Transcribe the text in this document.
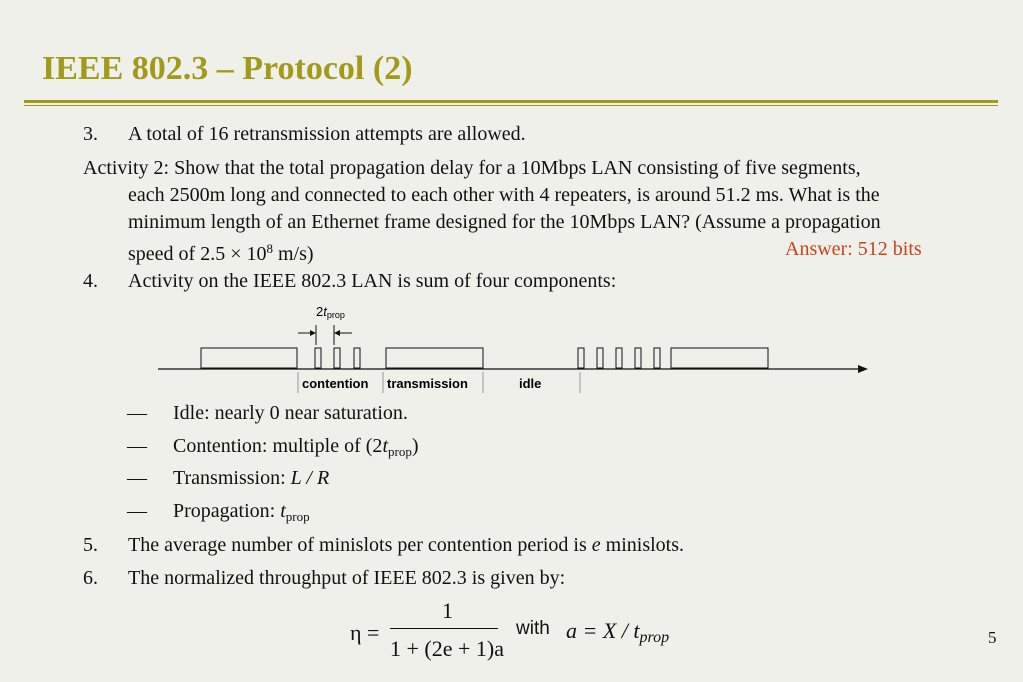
IEEE 802.3 – Protocol (2)
3. A total of 16 retransmission attempts are allowed.
Activity 2: Show that the total propagation delay for a 10Mbps LAN consisting of five segments,
each 2500m long and connected to each other with 4 repeaters, is around 51.2 ms. What is the
minimum length of an Ethernet frame designed for the 10Mbps LAN? (Assume a propagation
speed of $2.5 \times 10^8$ m/s)	Answer: 512 bits
4. Activity on the IEEE 802.3 LAN is sum of four components:
2tprop
contention transmission	idle
— Idle: nearly 0 near saturation.
— Contention: multiple of $(2t_{prop})$
— Transmission: L / R
— Propagation: $t_{prop}$
5. The average number of minislots per contention period is e minislots.
6. The normalized throughput of IEEE 802.3 is given by:
η =
1
1 + (2e + 1)a
with $a = X / t_{prop}$	5
